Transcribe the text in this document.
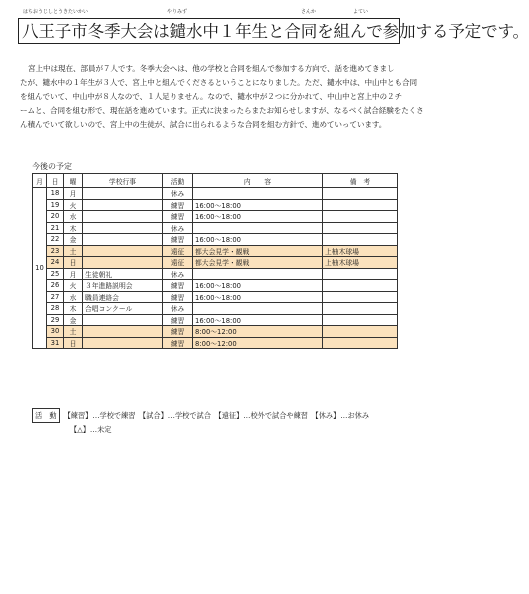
はちおうじしとうきたいかい	やりみず	さんか	よてい
八王子市冬季大会は鑓水中１年生と合同を組んで参加する予定です。

宮上中は現在、部員が７人です。冬季大会へは、他の学校と合同を組んで参加する方向で、話を進めてきまし

たが、鑓水中の１年生が３人で、宮上中と組んでくださるということになりました。ただ、鑓水中は、中山中とも合同

を組んでいて、中山中が８人なので、１人足りません。なので、鑓水中が２つに分かれて、中山中と宮上中の２チ

ームと、合同を組む形で、現在話を進めています。正式に決まったらまたお知らせしますが、なるべく試合経験をたくさ

ん積んでいて欲しいので、宮上中の生徒が、試合に出られるような合同を組む方針で、進めていっています。

今後の予定
月	日	曜	学校行事	活動	内　　容	備　考
10	18	月		休み		
	19	火		練習	16:00～18:00	
	20	水		練習	16:00～18:00	
	21	木		休み		
	22	金		練習	16:00～18:00	
	23	土		遠征	都大会見学・観戦	上柚木球場
	24	日		遠征	都大会見学・観戦	上柚木球場
	25	月	生徒朝礼	休み		
	26	火	３年進路説明会	練習	16:00～18:00	
	27	水	職員連絡会	練習	16:00～18:00	
	28	木	合唱コンクール	休み		
	29	金		練習	16:00～18:00	
	30	土		練習	8:00～12:00	
	31	日		練習	8:00～12:00	
活　動 【練習】…学校で練習　【試合】…学校で試合　【遠征】…校外で試合や練習　【休み】…お休み
【△】…未定
